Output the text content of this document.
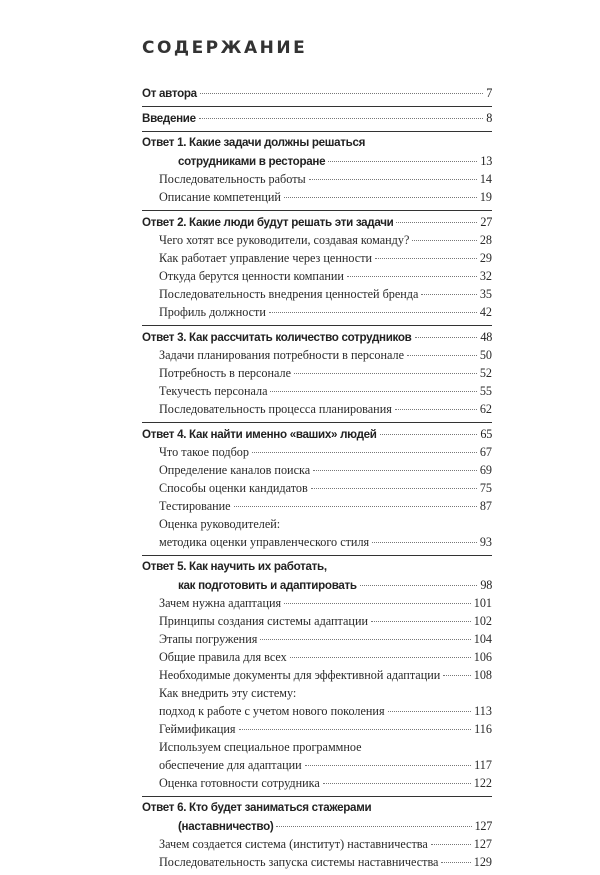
СОДЕРЖАНИЕ
От автора	7
Введение	8
Ответ 1. Какие задачи должны решаться
сотрудниками в ресторане	13
Последовательность работы	14
Описание компетенций	19
Ответ 2. Какие люди будут решать эти задачи	27
Чего хотят все руководители, создавая команду?	28
Как работает управление через ценности	29
Откуда берутся ценности компании	32
Последовательность внедрения ценностей бренда	35
Профиль должности	42
Ответ 3. Как рассчитать количество сотрудников	48
Задачи планирования потребности в персонале	50
Потребность в персонале	52
Текучесть персонала	55
Последовательность процесса планирования	62
Ответ 4. Как найти именно «ваших» людей	65
Что такое подбор	67
Определение каналов поиска	69
Способы оценки кандидатов	75
Тестирование	87
Оценка руководителей:
методика оценки управленческого стиля	93
Ответ 5. Как научить их работать,
как подготовить и адаптировать	98
Зачем нужна адаптация	101
Принципы создания системы адаптации	102
Этапы погружения	104
Общие правила для всех	106
Необходимые документы для эффективной адаптации	108
Как внедрить эту систему:
подход к работе с учетом нового поколения	113
Геймификация	116
Используем специальное программное
обеспечение для адаптации	117
Оценка готовности сотрудника	122
Ответ 6. Кто будет заниматься стажерами
(наставничество)	127
Зачем создается система (институт) наставничества	127
Последовательность запуска системы наставничества	129
